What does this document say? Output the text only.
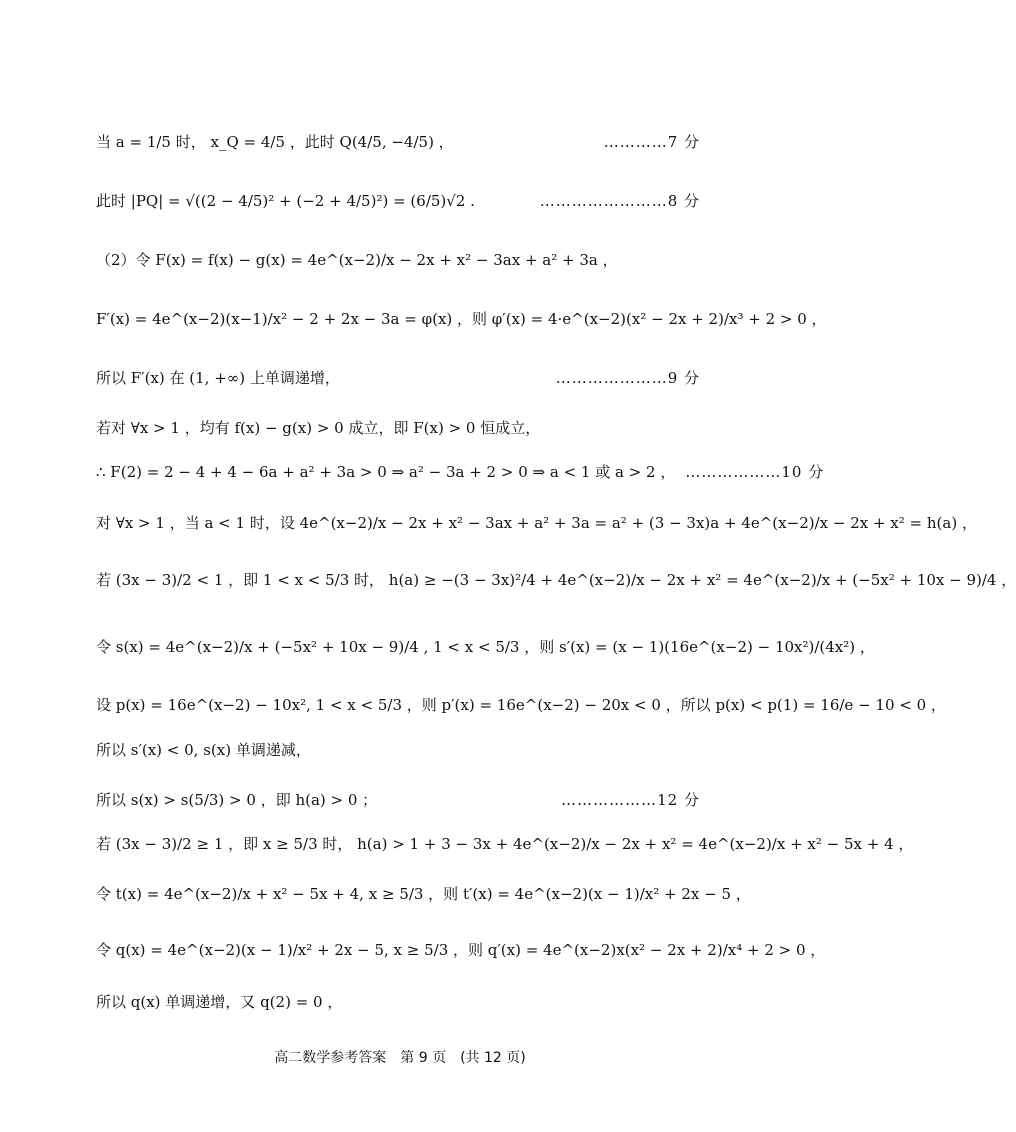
当 a = 1/5 时， x_Q = 4/5 ，此时 Q(4/5, −4/5) ，	…………7 分
此时 |PQ| = √((2 − 4/5)² + (−2 + 4/5)²) = (6/5)√2 .	……………………8 分
（2）令 F(x) = f(x) − g(x) = 4e^(x−2)/x − 2x + x² − 3ax + a² + 3a ，
F′(x) = 4e^(x−2)(x−1)/x² − 2 + 2x − 3a = φ(x) ，则 φ′(x) = 4·e^(x−2)(x² − 2x + 2)/x³ + 2 > 0 ，
所以 F′(x) 在 (1, +∞) 上单调递增，	…………………9 分
若对 ∀x > 1 ，均有 f(x) − g(x) > 0 成立，即 F(x) > 0 恒成立，
∴ F(2) = 2 − 4 + 4 − 6a + a² + 3a > 0 ⇒ a² − 3a + 2 > 0 ⇒ a < 1 或 a > 2 ， ………………10 分
对 ∀x > 1 ，当 a < 1 时，设 4e^(x−2)/x − 2x + x² − 3ax + a² + 3a = a² + (3 − 3x)a + 4e^(x−2)/x − 2x + x² = h(a) ，
若 (3x − 3)/2 < 1 ，即 1 < x < 5/3 时， h(a) ≥ −(3 − 3x)²/4 + 4e^(x−2)/x − 2x + x² = 4e^(x−2)/x + (−5x² + 10x − 9)/4 ，
令 s(x) = 4e^(x−2)/x + (−5x² + 10x − 9)/4 , 1 < x < 5/3 ，则 s′(x) = (x − 1)(16e^(x−2) − 10x²)/(4x²) ，
设 p(x) = 16e^(x−2) − 10x², 1 < x < 5/3 ，则 p′(x) = 16e^(x−2) − 20x < 0 ，所以 p(x) < p(1) = 16/e − 10 < 0 ，
所以 s′(x) < 0, s(x) 单调递减，
所以 s(x) > s(5/3) > 0 ，即 h(a) > 0 ；	………………12 分
若 (3x − 3)/2 ≥ 1 ，即 x ≥ 5/3 时， h(a) > 1 + 3 − 3x + 4e^(x−2)/x − 2x + x² = 4e^(x−2)/x + x² − 5x + 4 ，
令 t(x) = 4e^(x−2)/x + x² − 5x + 4, x ≥ 5/3 ，则 t′(x) = 4e^(x−2)(x − 1)/x² + 2x − 5 ，
令 q(x) = 4e^(x−2)(x − 1)/x² + 2x − 5, x ≥ 5/3 ，则 q′(x) = 4e^(x−2)x(x² − 2x + 2)/x⁴ + 2 > 0 ，
所以 q(x) 单调递增，又 q(2) = 0 ，
高二数学参考答案　第 9 页　(共 12 页)
